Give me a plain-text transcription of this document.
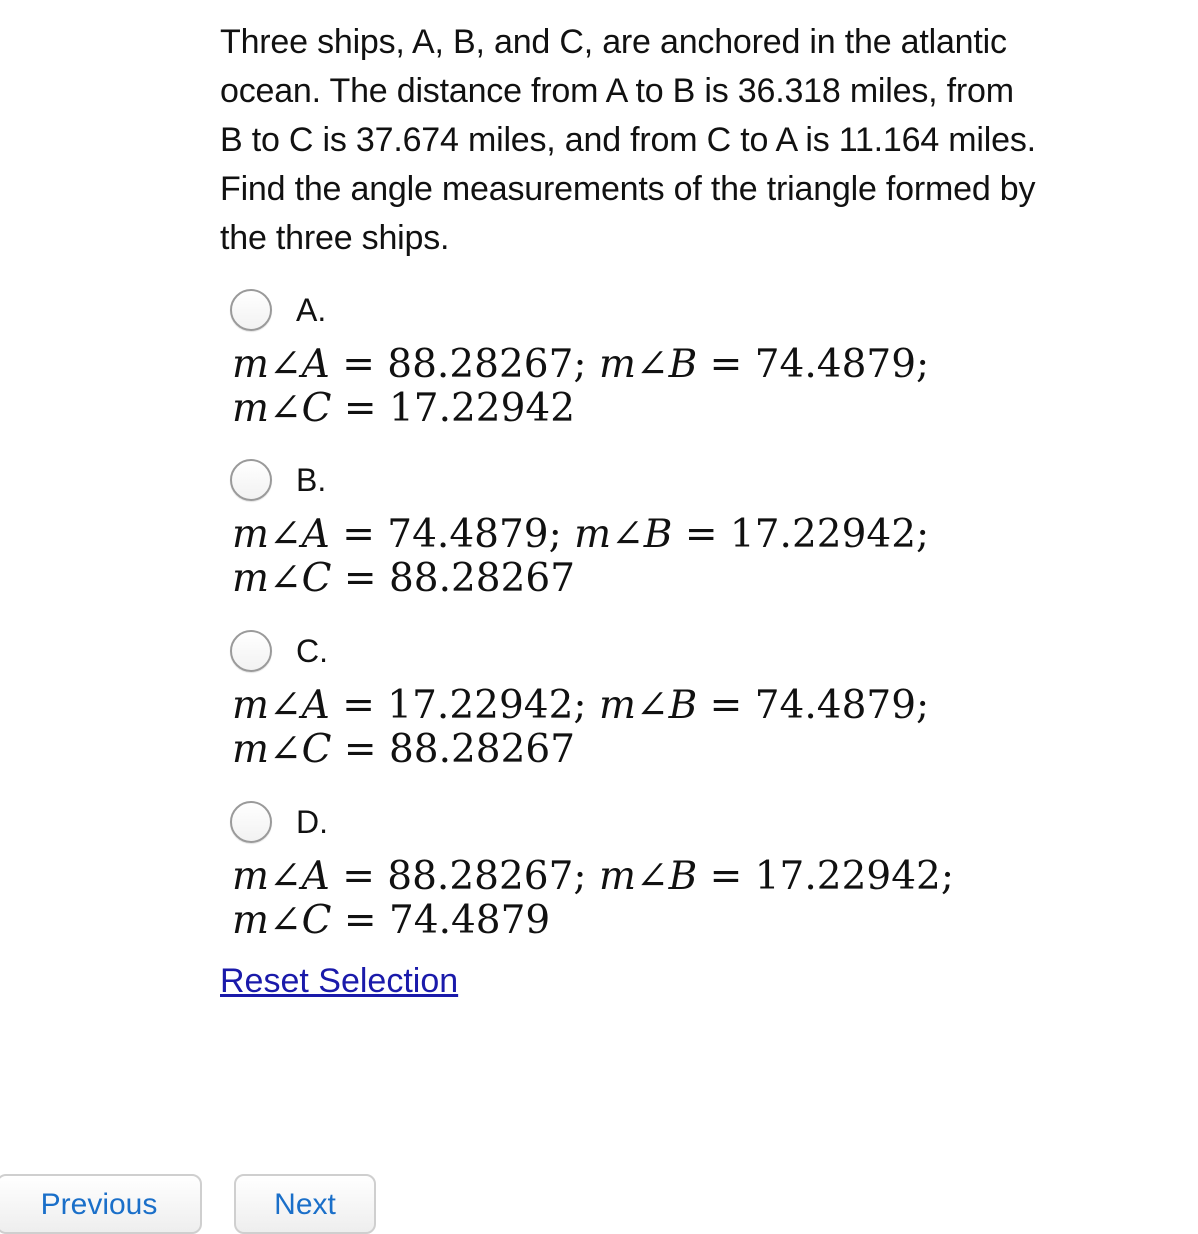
Three ships, A, B, and C, are anchored in the atlantic
ocean. The distance from A to B is 36.318 miles, from
B to C is 37.674 miles, and from C to A is 11.164 miles.
Find the angle measurements of the triangle formed by
the three ships.

A.
m∠A = 88.28267; m∠B = 74.4879;
m∠C = 17.22942
B.
m∠A = 74.4879; m∠B = 17.22942;
m∠C = 88.28267
C.
m∠A = 17.22942; m∠B = 74.4879;
m∠C = 88.28267
D.
m∠A = 88.28267; m∠B = 17.22942;
m∠C = 74.4879
Reset Selection
Previous	Next
